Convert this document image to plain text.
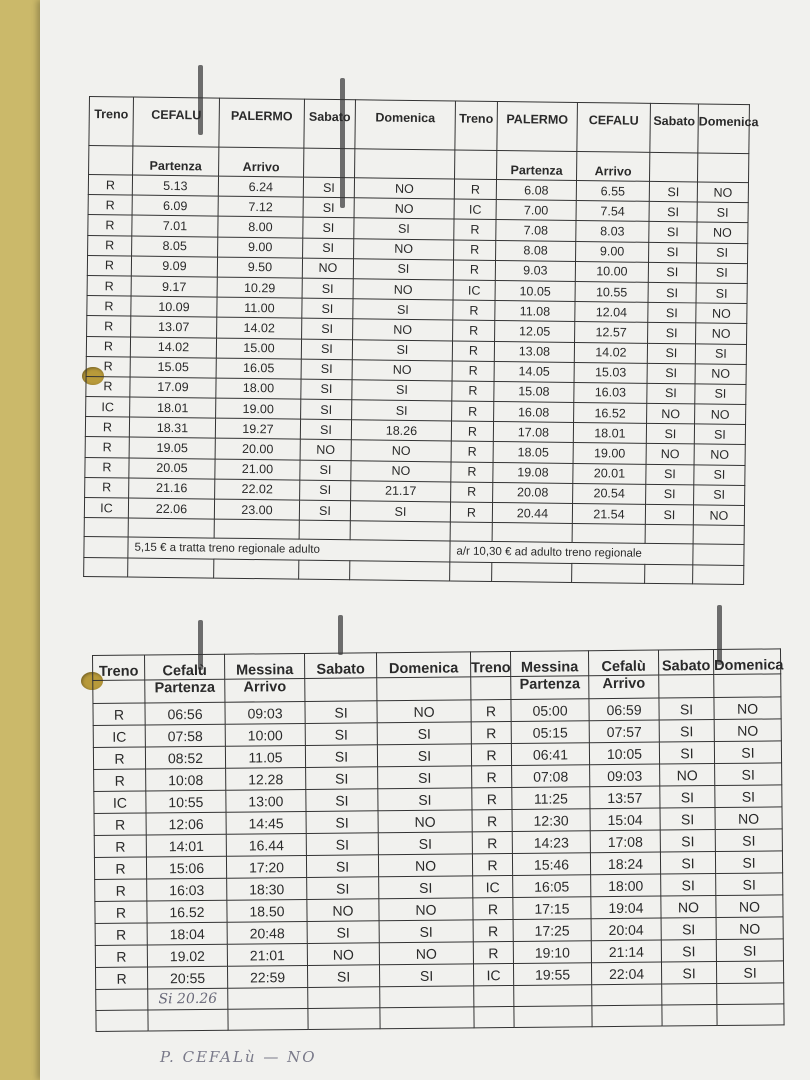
Treno	CEFALU	PALERMO	Sabato	Domenica	Treno	PALERMO	CEFALU	Sabato	Domenica
	Partenza	Arrivo				Partenza	Arrivo		
R	5.13	6.24	SI	NO	R	6.08	6.55	SI	NO
R	6.09	7.12	SI	NO	IC	7.00	7.54	SI	SI
R	7.01	8.00	SI	SI	R	7.08	8.03	SI	NO
R	8.05	9.00	SI	NO	R	8.08	9.00	SI	SI
R	9.09	9.50	NO	SI	R	9.03	10.00	SI	SI
R	9.17	10.29	SI	NO	IC	10.05	10.55	SI	SI
R	10.09	11.00	SI	SI	R	11.08	12.04	SI	NO
R	13.07	14.02	SI	NO	R	12.05	12.57	SI	NO
R	14.02	15.00	SI	SI	R	13.08	14.02	SI	SI
R	15.05	16.05	SI	NO	R	14.05	15.03	SI	NO
R	17.09	18.00	SI	SI	R	15.08	16.03	SI	SI
IC	18.01	19.00	SI	SI	R	16.08	16.52	NO	NO
R	18.31	19.27	SI	18.26	R	17.08	18.01	SI	SI
R	19.05	20.00	NO	NO	R	18.05	19.00	NO	NO
R	20.05	21.00	SI	NO	R	19.08	20.01	SI	SI
R	21.16	22.02	SI	21.17	R	20.08	20.54	SI	SI
IC	22.06	23.00	SI	SI	R	20.44	21.54	SI	NO

	5,15 € a tratta treno regionale adulto				a/r 10,30 € ad adulto treno regionale				

Treno	Cefalù	Messina	Sabato	Domenica	Treno	Messina	Cefalù	Sabato	Domenica
	Partenza	Arrivo				Partenza	Arrivo		
R	06:56	09:03	SI	NO	R	05:00	06:59	SI	NO
IC	07:58	10:00	SI	SI	R	05:15	07:57	SI	NO
R	08:52	11.05	SI	SI	R	06:41	10:05	SI	SI
R	10:08	12.28	SI	SI	R	07:08	09:03	NO	SI
IC	10:55	13:00	SI	SI	R	11:25	13:57	SI	SI
R	12:06	14:45	SI	NO	R	12:30	15:04	SI	NO
R	14:01	16.44	SI	SI	R	14:23	17:08	SI	SI
R	15:06	17:20	SI	NO	R	15:46	18:24	SI	SI
R	16:03	18:30	SI	SI	IC	16:05	18:00	SI	SI
R	16.52	18.50	NO	NO	R	17:15	19:04	NO	NO
R	18:04	20:48	SI	SI	R	17:25	20:04	SI	NO
R	19.02	21:01	NO	NO	R	19:10	21:14	SI	SI
R	20:55	22:59	SI	SI	IC	19:55	22:04	SI	SI
	Si 20.26								

P. CEFALù — NO
